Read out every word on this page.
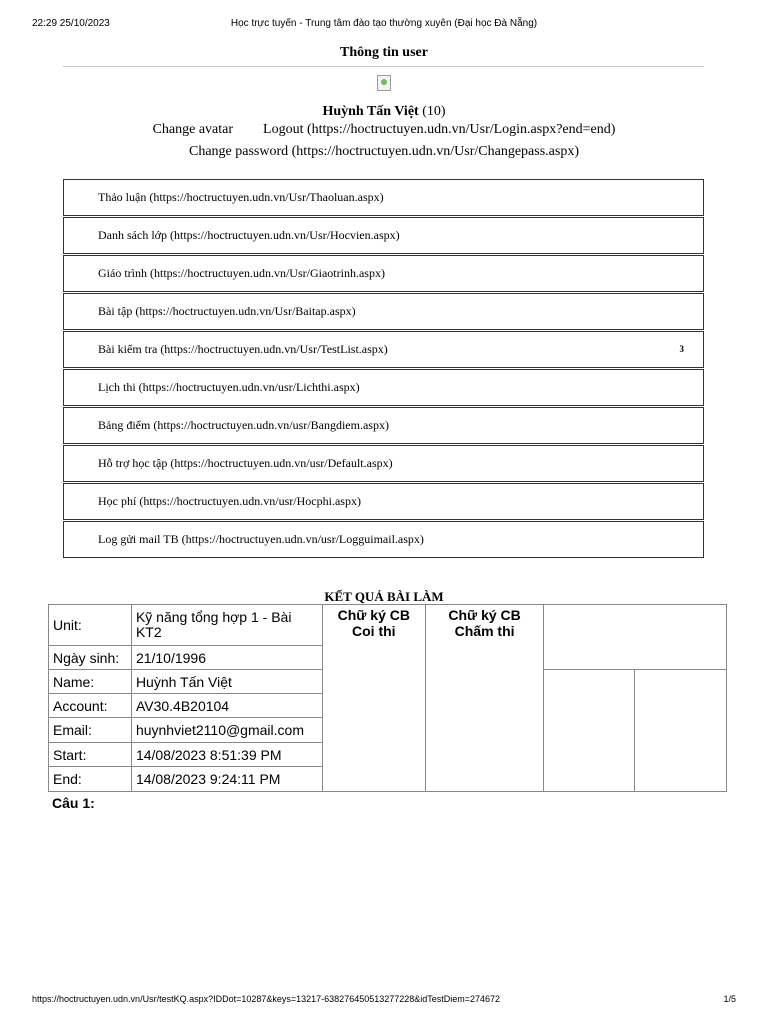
22:29 25/10/2023	Học trực tuyến - Trung tâm đào tạo thường xuyên (Đại học Đà Nẵng)
Thông tin user
Huỳnh Tấn Việt (10)
Change avatar Logout (https://hoctructuyen.udn.vn/Usr/Login.aspx?end=end)
Change password (https://hoctructuyen.udn.vn/Usr/Changepass.aspx)
Thảo luận (https://hoctructuyen.udn.vn/Usr/Thaoluan.aspx)
Danh sách lớp (https://hoctructuyen.udn.vn/Usr/Hocvien.aspx)
Giáo trình (https://hoctructuyen.udn.vn/Usr/Giaotrinh.aspx)
Bài tập (https://hoctructuyen.udn.vn/Usr/Baitap.aspx)
Bài kiểm tra (https://hoctructuyen.udn.vn/Usr/TestList.aspx)	3
Lịch thi (https://hoctructuyen.udn.vn/usr/Lichthi.aspx)
Bảng điểm (https://hoctructuyen.udn.vn/usr/Bangdiem.aspx)
Hỗ trợ học tập (https://hoctructuyen.udn.vn/usr/Default.aspx)
Học phí (https://hoctructuyen.udn.vn/usr/Hocphi.aspx)
Log gửi mail TB (https://hoctructuyen.udn.vn/usr/Logguimail.aspx)
KẾT QUẢ BÀI LÀM
Unit:	Kỹ năng tổng hợp 1 - Bài KT2	Chữ ký CB Coi thi	Chữ ký CB Chấm thi		
Ngày sinh:	21/10/1996				
Name:	Huỳnh Tấn Việt				
Account:	AV30.4B20104				
Email:	huynhviet2110@gmail.com				
Start:	14/08/2023 8:51:39 PM				
End:	14/08/2023 9:24:11 PM				
Câu 1:
https://hoctructuyen.udn.vn/Usr/testKQ.aspx?IDDot=10287&keys=13217-638276450513277228&idTestDiem=274672	1/5
